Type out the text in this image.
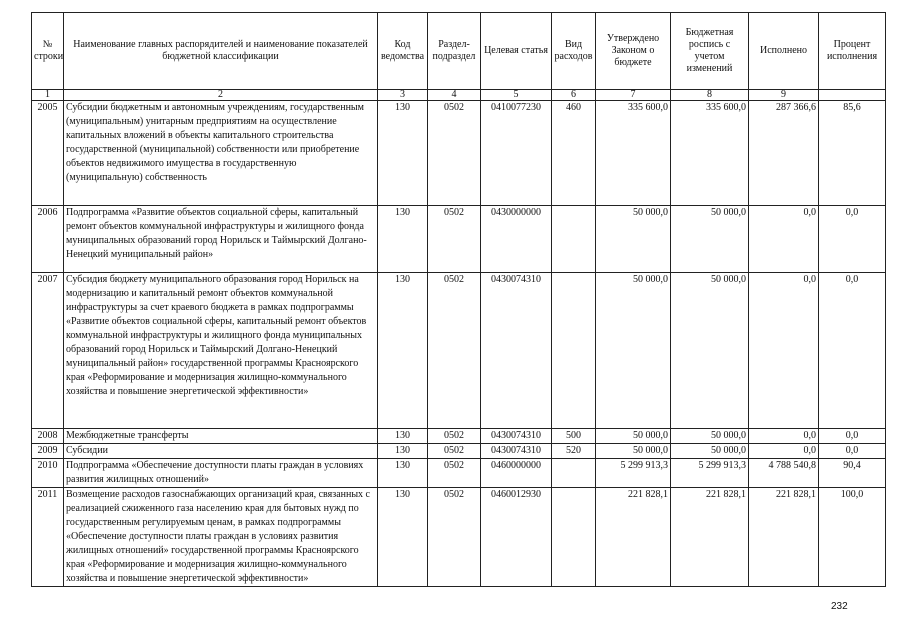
№ строки	Наименование главных распорядителей и наименование показателей бюджетной классификации	Код ведомства	Раздел-подраздел	Целевая статья	Вид расходов	Утверждено Законом о бюджете	Бюджетная роспись с учетом изменений	Исполнено	Процент исполнения
1	2	3	4	5	6	7	8	9	
2005	Субсидии бюджетным и автономным учреждениям, государственным (муниципальным) унитарным предприятиям на осуществление капитальных вложений в объекты капитального строительства государственной (муниципальной) собственности или приобретение объектов недвижимого имущества в государственную (муниципальную) собственность	130	0502	0410077230	460	335 600,0	335 600,0	287 366,6	85,6
2006	Подпрограмма «Развитие объектов социальной сферы, капитальный ремонт объектов коммунальной инфраструктуры и жилищного фонда муниципальных образований город Норильск и Таймырский Долгано-Ненецкий муниципальный район»	130	0502	0430000000		50 000,0	50 000,0	0,0	0,0
2007	Субсидия бюджету муниципального образования город Норильск на модернизацию и капитальный ремонт объектов коммунальной инфраструктуры за счет краевого бюджета в рамках подпрограммы «Развитие объектов социальной сферы, капитальный ремонт объектов коммунальной инфраструктуры и жилищного фонда муниципальных образований город Норильск и Таймырский Долгано-Ненецкий муниципальный район» государственной программы Красноярского края «Реформирование и модернизация жилищно-коммунального хозяйства и повышение энергетической эффективности»	130	0502	0430074310		50 000,0	50 000,0	0,0	0,0
2008	Межбюджетные трансферты	130	0502	0430074310	500	50 000,0	50 000,0	0,0	0,0
2009	Субсидии	130	0502	0430074310	520	50 000,0	50 000,0	0,0	0,0
2010	Подпрограмма «Обеспечение доступности платы граждан в условиях развития жилищных отношений»	130	0502	0460000000		5 299 913,3	5 299 913,3	4 788 540,8	90,4
2011	Возмещение расходов газоснабжающих организаций края, связанных с реализацией сжиженного газа населению края для бытовых нужд по государственным регулируемым ценам, в рамках подпрограммы «Обеспечение доступности платы граждан в условиях развития жилищных отношений» государственной программы Красноярского края «Реформирование и модернизация жилищно-коммунального хозяйства и повышение энергетической эффективности»	130	0502	0460012930		221 828,1	221 828,1	221 828,1	100,0
232
